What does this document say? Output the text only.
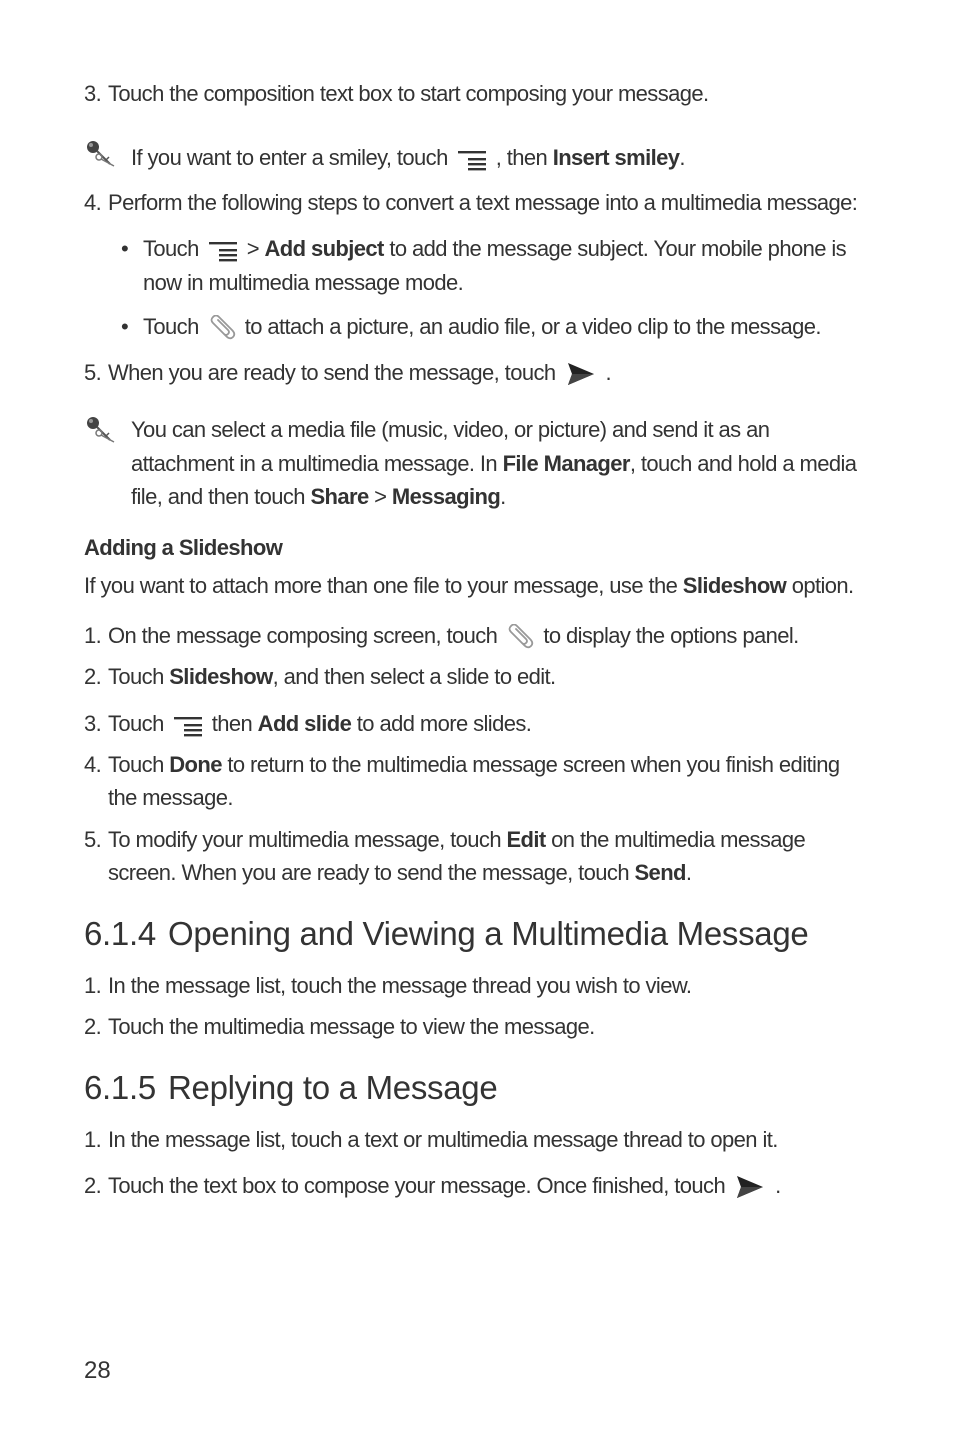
3. Touch the composition text box to start composing your message.
If you want to enter a smiley, touch , then Insert smiley.
4. Perform the following steps to convert a text message into a multimedia message:
• Touch > Add subject to add the message subject. Your mobile phone is
now in multimedia message mode.
• Touch to attach a picture, an audio file, or a video clip to the message.
5. When you are ready to send the message, touch .
You can select a media file (music, video, or picture) and send it as an
attachment in a multimedia message. In File Manager, touch and hold a media
file, and then touch Share > Messaging.
Adding a Slideshow
If you want to attach more than one file to your message, use the Slideshow option.
1. On the message composing screen, touch to display the options panel.
2. Touch Slideshow, and then select a slide to edit.
3. Touch then Add slide to add more slides.
4. Touch Done to return to the multimedia message screen when you finish editing
the message.
5. To modify your multimedia message, touch Edit on the multimedia message
screen. When you are ready to send the message, touch Send.
6.1.4 Opening and Viewing a Multimedia Message
1. In the message list, touch the message thread you wish to view.
2. Touch the multimedia message to view the message.
6.1.5 Replying to a Message
1. In the message list, touch a text or multimedia message thread to open it.
2. Touch the text box to compose your message. Once finished, touch .
28
